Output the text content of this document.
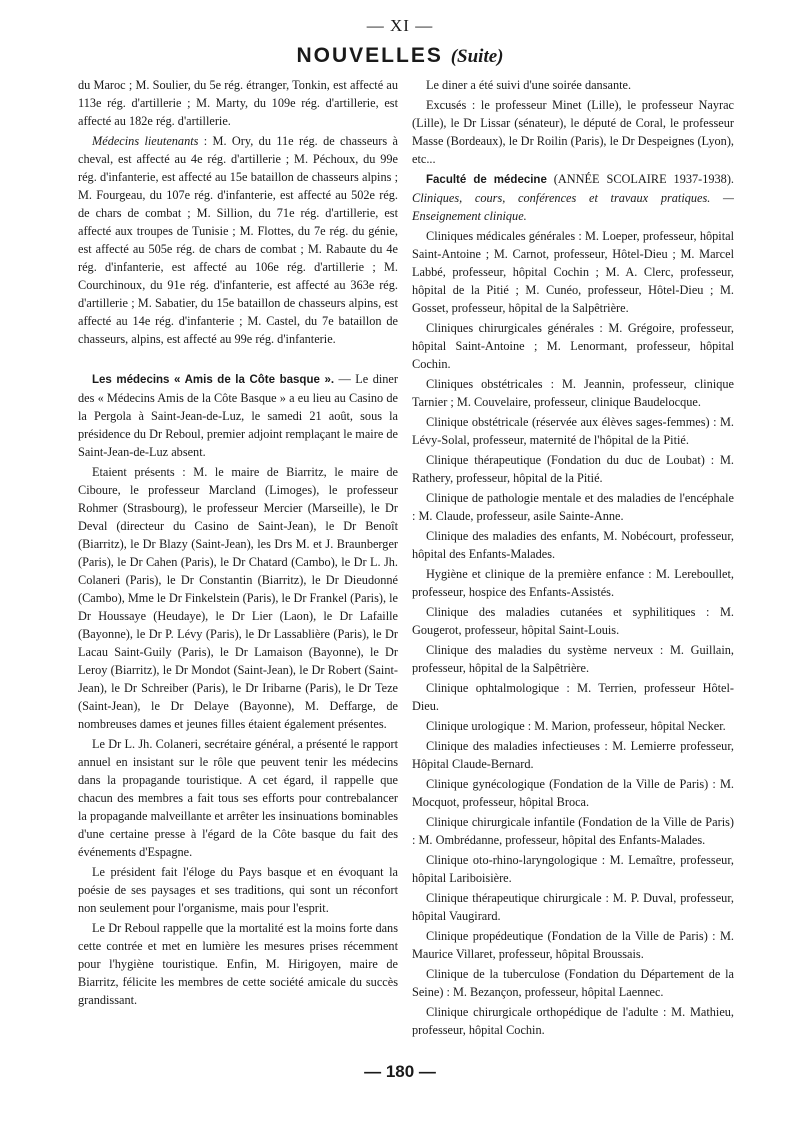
— XI —
NOUVELLES (Suite)

du Maroc ; M. Soulier, du 5e rég. étranger, Tonkin, est affecté au 113e rég. d'artillerie ; M. Marty, du 109e rég. d'artillerie, est affecté au 182e rég. d'artillerie.

Médecins lieutenants : M. Ory, du 11e rég. de chasseurs à cheval, est affecté au 4e rég. d'artillerie ; M. Péchoux, du 99e rég. d'infanterie, est affecté au 15e bataillon de chasseurs alpins ; M. Fourgeau, du 107e rég. d'infanterie, est affecté au 502e rég. de chars de combat ; M. Sillion, du 71e rég. d'artillerie, est affecté aux troupes de Tunisie ; M. Flottes, du 7e rég. du génie, est affecté au 505e rég. de chars de combat ; M. Rabaute du 4e rég. d'infanterie, est affecté au 106e rég. d'artillerie ; M. Courchinoux, du 91e rég. d'infanterie, est affecté au 363e rég. d'artillerie ; M. Sabatier, du 15e bataillon de chasseurs alpins, est affecté au 14e rég. d'infanterie ; M. Castel, du 7e bataillon de chasseurs, alpins, est affecté au 99e rég. d'infanterie.

Les médecins « Amis de la Côte basque ». — Le diner des « Médecins Amis de la Côte Basque » a eu lieu au Casino de la Pergola à Saint-Jean-de-Luz, le samedi 21 août, sous la présidence du Dr Reboul, premier adjoint remplaçant le maire de Saint-Jean-de-Luz absent.

Etaient présents : M. le maire de Biarritz, le maire de Ciboure, le professeur Marcland (Limoges), le professeur Rohmer (Strasbourg), le professeur Mercier (Marseille), le Dr Deval (directeur du Casino de Saint-Jean), le Dr Benoît (Biarritz), le Dr Blazy (Saint-Jean), les Drs M. et J. Braunberger (Paris), le Dr Cahen (Paris), le Dr Chatard (Cambo), le Dr L. Jh. Colaneri (Paris), le Dr Constantin (Biarritz), le Dr Dieudonné (Cambo), Mme le Dr Finkelstein (Paris), le Dr Frankel (Paris), le Dr Houssaye (Heudaye), le Dr Lier (Laon), le Dr Lafaille (Bayonne), le Dr P. Lévy (Paris), le Dr Lassablière (Paris), le Dr Lacau Saint-Guily (Paris), le Dr Lamaison (Bayonne), le Dr Leroy (Biarritz), le Dr Mondot (Saint-Jean), le Dr Robert (Saint-Jean), le Dr Schreiber (Paris), le Dr Iribarne (Paris), le Dr Teze (Saint-Jean), le Dr Delaye (Bayonne), M. Deffarge, de nombreuses dames et jeunes filles étaient également présentes.

Le Dr L. Jh. Colaneri, secrétaire général, a présenté le rapport annuel en insistant sur le rôle que peuvent tenir les médecins dans la propagande touristique. A cet égard, il rappelle que chacun des membres a fait tous ses efforts pour contrebalancer la propagande malveillante et arrêter les insinuations bominables d'une certaine presse à l'égard de la Côte basque du fait des événements d'Espagne.

Le président fait l'éloge du Pays basque et en évoquant la poésie de ses paysages et ses traditions, qui sont un réconfort non seulement pour l'organisme, mais pour l'esprit.

Le Dr Reboul rappelle que la mortalité est la moins forte dans cette contrée et met en lumière les mesures prises récemment pour l'hygiène touristique. Enfin, M. Hirigoyen, maire de Biarritz, félicite les membres de cette société amicale du succès grandissant.

Le diner a été suivi d'une soirée dansante.

Excusés : le professeur Minet (Lille), le professeur Nayrac (Lille), le Dr Lissar (sénateur), le député de Coral, le professeur Masse (Bordeaux), le Dr Roilin (Paris), le Dr Despeignes (Lyon), etc...

Faculté de médecine (ANNÉE SCOLAIRE 1937-1938). Cliniques, cours, conférences et travaux pratiques. — Enseignement clinique.

Cliniques médicales générales : M. Loeper, professeur, hôpital Saint-Antoine ; M. Carnot, professeur, Hôtel-Dieu ; M. Marcel Labbé, professeur, hôpital Cochin ; M. A. Clerc, professeur, hôpital de la Pitié ; M. Cunéo, professeur, Hôtel-Dieu ; M. Gosset, professeur, hôpital de la Salpêtrière.

Cliniques chirurgicales générales : M. Grégoire, professeur, hôpital Saint-Antoine ; M. Lenormant, professeur, hôpital Cochin.

Cliniques obstétricales : M. Jeannin, professeur, clinique Tarnier ; M. Couvelaire, professeur, clinique Baudelocque.

Clinique obstétricale (réservée aux élèves sages-femmes) : M. Lévy-Solal, professeur, maternité de l'hôpital de la Pitié.

Clinique thérapeutique (Fondation du duc de Loubat) : M. Rathery, professeur, hôpital de la Pitié.

Clinique de pathologie mentale et des maladies de l'encéphale : M. Claude, professeur, asile Sainte-Anne.

Clinique des maladies des enfants, M. Nobécourt, professeur, hôpital des Enfants-Malades.

Hygiène et clinique de la première enfance : M. Lereboullet, professeur, hospice des Enfants-Assistés.

Clinique des maladies cutanées et syphilitiques : M. Gougerot, professeur, hôpital Saint-Louis.

Clinique des maladies du système nerveux : M. Guillain, professeur, hôpital de la Salpêtrière.

Clinique ophtalmologique : M. Terrien, professeur Hôtel-Dieu.

Clinique urologique : M. Marion, professeur, hôpital Necker.

Clinique des maladies infectieuses : M. Lemierre professeur, Hôpital Claude-Bernard.

Clinique gynécologique (Fondation de la Ville de Paris) : M. Mocquot, professeur, hôpital Broca.

Clinique chirurgicale infantile (Fondation de la Ville de Paris) : M. Ombrédanne, professeur, hôpital des Enfants-Malades.

Clinique oto-rhino-laryngologique : M. Lemaître, professeur, hôpital Lariboisière.

Clinique thérapeutique chirurgicale : M. P. Duval, professeur, hôpital Vaugirard.

Clinique propédeutique (Fondation de la Ville de Paris) : M. Maurice Villaret, professeur, hôpital Broussais.

Clinique de la tuberculose (Fondation du Département de la Seine) : M. Bezançon, professeur, hôpital Laennec.

Clinique chirurgicale orthopédique de l'adulte : M. Mathieu, professeur, hôpital Cochin.

— 180 —
